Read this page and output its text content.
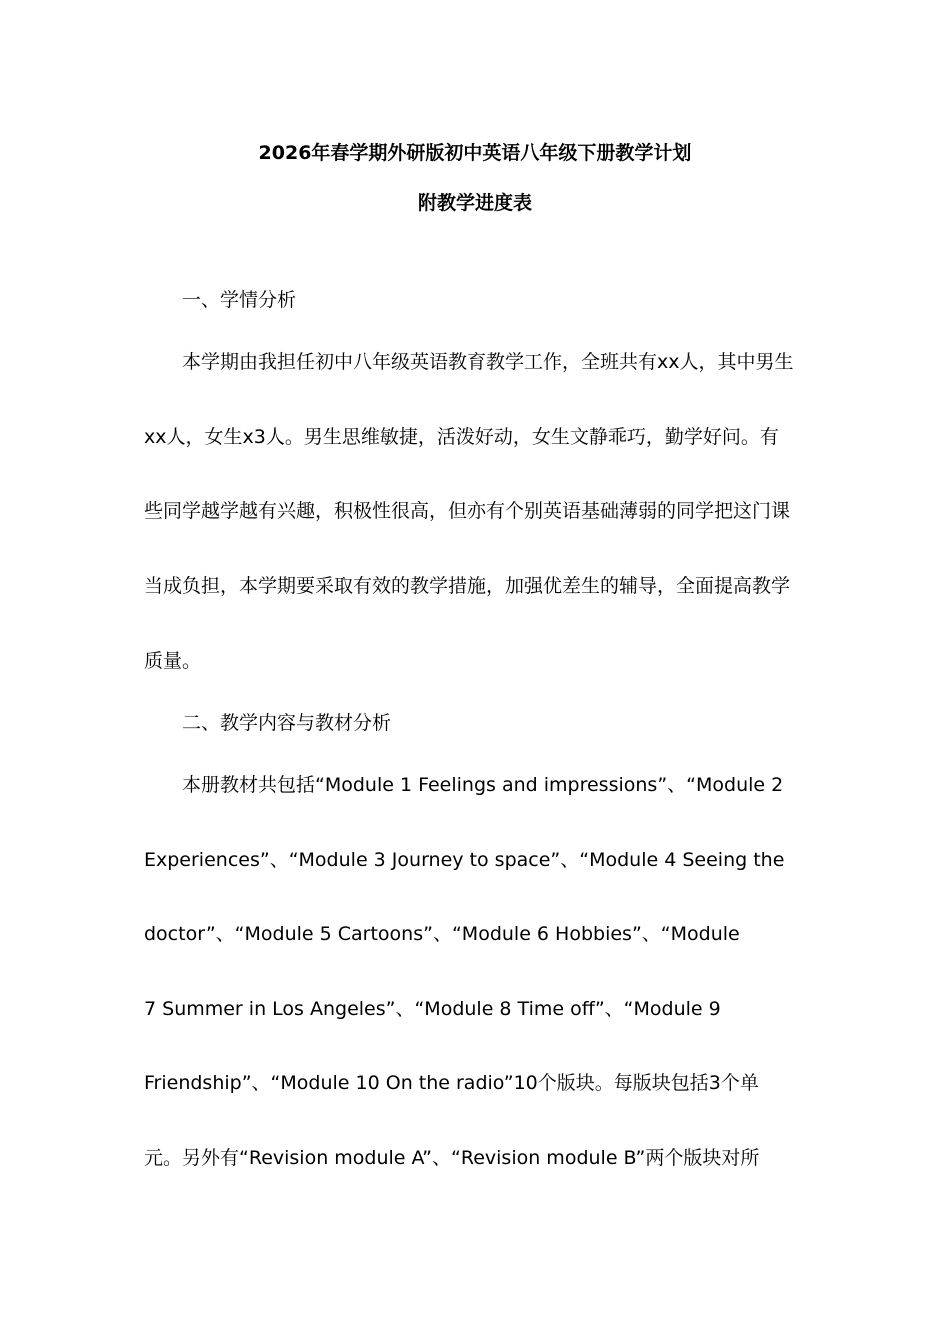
2026年春学期外研版初中英语八年级下册教学计划
附教学进度表
一、学情分析
本学期由我担任初中八年级英语教育教学工作，全班共有xx人，其中男生
xx人，女生x3人。男生思维敏捷，活泼好动，女生文静乖巧，勤学好问。有
些同学越学越有兴趣，积极性很高，但亦有个别英语基础薄弱的同学把这门课
当成负担，本学期要采取有效的教学措施，加强优差生的辅导，全面提高教学
质量。
二、教学内容与教材分析
本册教材共包括“Module 1 Feelings and impressions”、“Module 2
Experiences”、“Module 3 Journey to space”、“Module 4 Seeing the
doctor”、“Module 5 Cartoons”、“Module 6 Hobbies”、“Module
7 Summer in Los Angeles”、“Module 8 Time off”、“Module 9
Friendship”、“Module 10 On the radio”10个版块。每版块包括3个单
元。另外有“Revision module A”、“Revision module B”两个版块对所
